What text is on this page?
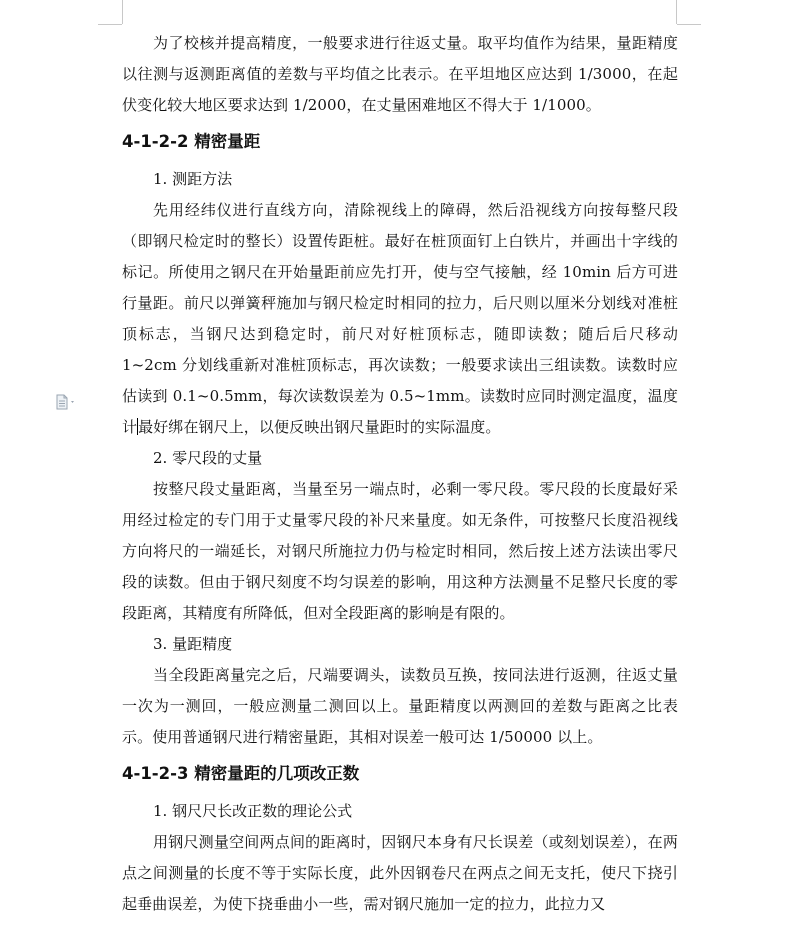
为了校核并提高精度，一般要求进行往返丈量。取平均值作为结果，量距精度以往测与返测距离值的差数与平均值之比表示。在平坦地区应达到 1/3000，在起伏变化较大地区要求达到 1/2000，在丈量困难地区不得大于 1/1000。

4-1-2-2 精密量距

1. 测距方法

先用经纬仪进行直线方向，清除视线上的障碍，然后沿视线方向按每整尺段（即钢尺检定时的整长）设置传距桩。最好在桩顶面钉上白铁片，并画出十字线的标记。所使用之钢尺在开始量距前应先打开，使与空气接触，经 10min 后方可进行量距。前尺以弹簧秤施加与钢尺检定时相同的拉力，后尺则以厘米分划线对准桩顶标志，当钢尺达到稳定时，前尺对好桩顶标志，随即读数；随后后尺移动 1~2cm 分划线重新对准桩顶标志，再次读数；一般要求读出三组读数。读数时应估读到 0.1~0.5mm，每次读数误差为 0.5~1mm。读数时应同时测定温度，温度计最好绑在钢尺上，以便反映出钢尺量距时的实际温度。

2. 零尺段的丈量

按整尺段丈量距离，当量至另一端点时，必剩一零尺段。零尺段的长度最好采用经过检定的专门用于丈量零尺段的补尺来量度。如无条件，可按整尺长度沿视线方向将尺的一端延长，对钢尺所施拉力仍与检定时相同，然后按上述方法读出零尺段的读数。但由于钢尺刻度不均匀误差的影响，用这种方法测量不足整尺长度的零段距离，其精度有所降低，但对全段距离的影响是有限的。

3. 量距精度

当全段距离量完之后，尺端要调头，读数员互换，按同法进行返测，往返丈量一次为一测回，一般应测量二测回以上。量距精度以两测回的差数与距离之比表示。使用普通钢尺进行精密量距，其相对误差一般可达 1/50000 以上。

4-1-2-3 精密量距的几项改正数

1. 钢尺尺长改正数的理论公式

用钢尺测量空间两点间的距离时，因钢尺本身有尺长误差（或刻划误差），在两点之间测量的长度不等于实际长度，此外因钢卷尺在两点之间无支托，使尺下挠引起垂曲误差，为使下挠垂曲小一些，需对钢尺施加一定的拉力，此拉力又
